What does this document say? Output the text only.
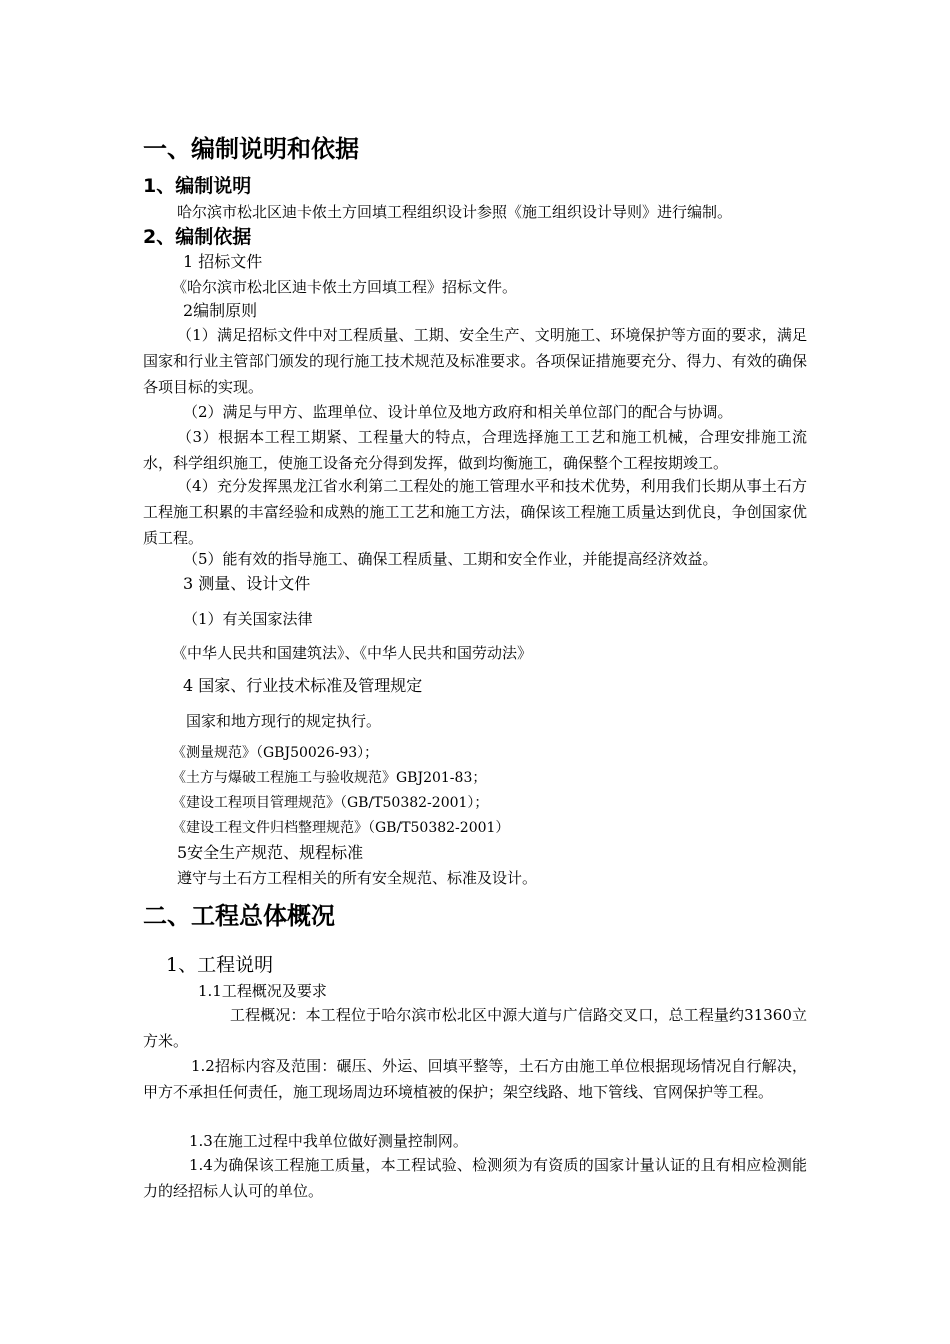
一、编制说明和依据
1、编制说明
哈尔滨市松北区迪卡侬土方回填工程组织设计参照《施工组织设计导则》进行编制。
2、编制依据
1 招标文件
《哈尔滨市松北区迪卡侬土方回填工程》招标文件。
2编制原则
（1）满足招标文件中对工程质量、工期、安全生产、文明施工、环境保护等方面的要求，满足国家和行业主管部门颁发的现行施工技术规范及标准要求。各项保证措施要充分、得力、有效的确保各项目标的实现。
（2）满足与甲方、监理单位、设计单位及地方政府和相关单位部门的配合与协调。
（3）根据本工程工期紧、工程量大的特点，合理选择施工工艺和施工机械，合理安排施工流水，科学组织施工，使施工设备充分得到发挥，做到均衡施工，确保整个工程按期竣工。
（4）充分发挥黑龙江省水利第二工程处的施工管理水平和技术优势，利用我们长期从事土石方工程施工积累的丰富经验和成熟的施工工艺和施工方法，确保该工程施工质量达到优良，争创国家优质工程。
（5）能有效的指导施工、确保工程质量、工期和安全作业，并能提高经济效益。
3 测量、设计文件
（1）有关国家法律
《中华人民共和国建筑法》、《中华人民共和国劳动法》
4 国家、行业技术标准及管理规定
国家和地方现行的规定执行。
《测量规范》（GBJ50026-93）；
《土方与爆破工程施工与验收规范》GBJ201-83；
《建设工程项目管理规范》（GB/T50382-2001）；
《建设工程文件归档整理规范》（GB/T50382-2001）
5安全生产规范、规程标准
遵守与土石方工程相关的所有安全规范、标准及设计。
二、工程总体概况
1、工程说明
1.1工程概况及要求
工程概况：本工程位于哈尔滨市松北区中源大道与广信路交叉口，总工程量约31360立方米。
1.2招标内容及范围：碾压、外运、回填平整等，土石方由施工单位根据现场情况自行解决，甲方不承担任何责任，施工现场周边环境植被的保护；架空线路、地下管线、官网保护等工程。
1.3在施工过程中我单位做好测量控制网。
1.4为确保该工程施工质量，本工程试验、检测须为有资质的国家计量认证的且有相应检测能力的经招标人认可的单位。
